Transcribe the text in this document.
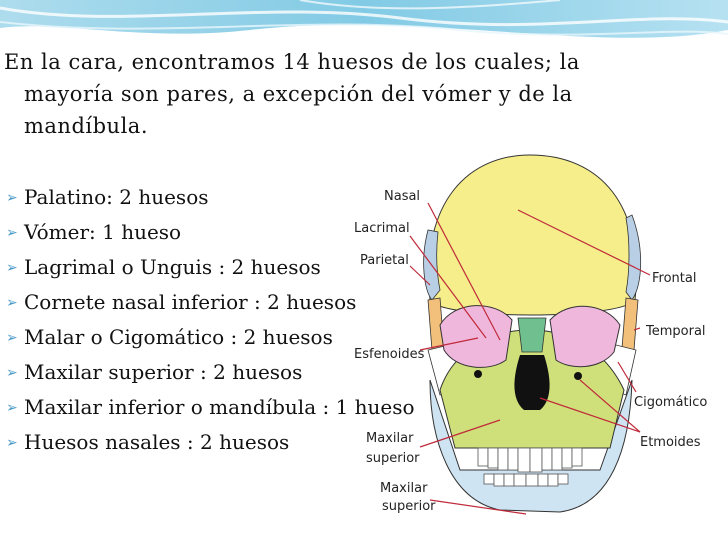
En la cara, encontramos 14 huesos de los cuales; la
mayoría son pares, a excepción del vómer y de la
mandíbula.

➢ Palatino: 2 huesos
➢ Vómer: 1 hueso
➢ Lagrimal o Unguis : 2 huesos
➢ Cornete nasal inferior : 2 huesos
➢ Malar o Cigomático : 2 huesos
➢ Maxilar superior : 2 huesos
➢ Maxilar inferior o mandíbula : 1 hueso
➢ Huesos nasales : 2 huesos
Nasal
Lacrimal
Parietal
Frontal
Temporal
Esfenoides
Cigomático
Maxilar
superior
Etmoides
Maxilar
superior
